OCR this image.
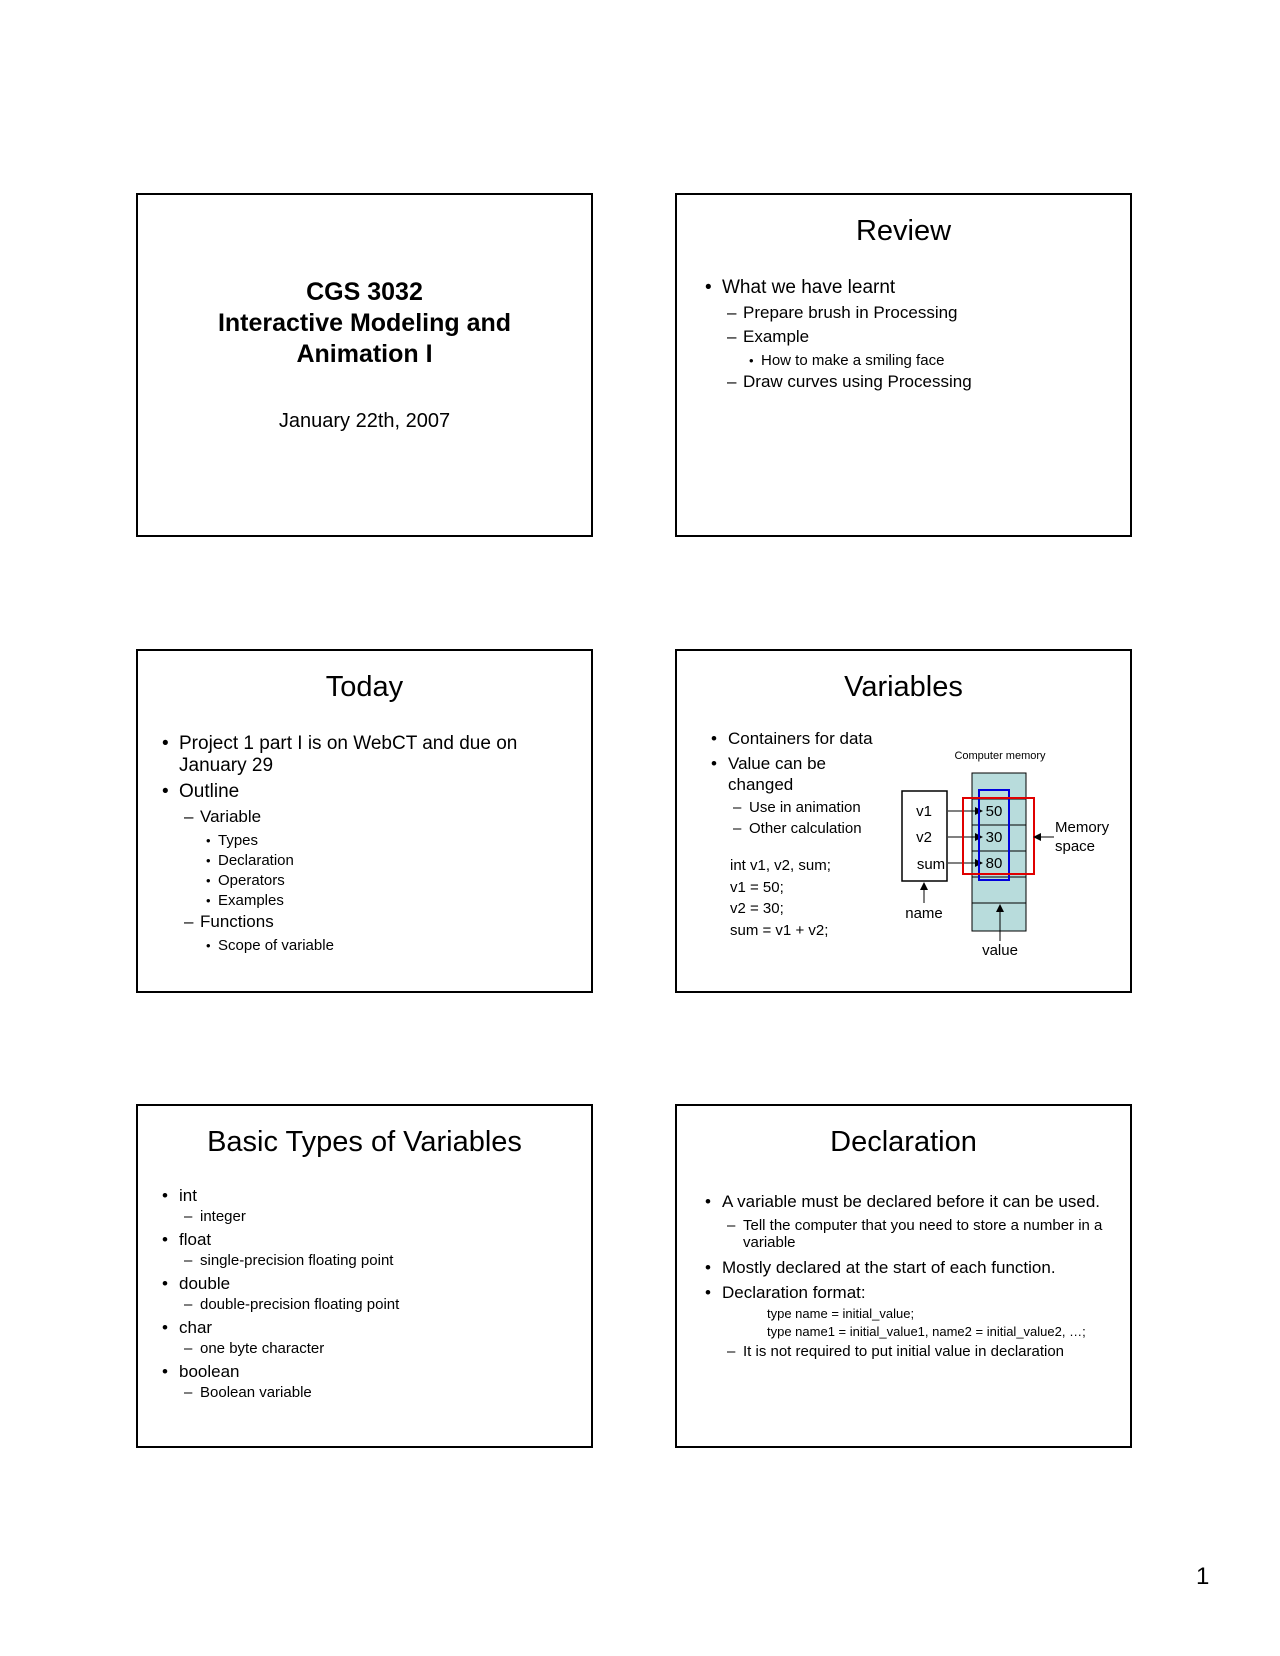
CGS 3032
Interactive Modeling and
Animation I
January 22th, 2007
Review
• What we have learnt
– Prepare brush in Processing
– Example
• How to make a smiling face
– Draw curves using Processing
Today
• Project 1 part I is on WebCT and due on January 29
• Outline
– Variable
• Types
• Declaration
• Operators
• Examples
– Functions
• Scope of variable
Variables
• Containers for data
• Value can be changed
– Use in animation
– Other calculation
int v1, v2, sum;
v1 = 50;
v2 = 30;
sum = v1 + v2;
Computer memory
v1
v2
sum
50
30
80
Memory
space
name
value
Basic Types of Variables
• int
– integer
• float
– single-precision floating point
• double
– double-precision floating point
• char
– one byte character
• boolean
– Boolean variable
Declaration
• A variable must be declared before it can be used.
– Tell the computer that you need to store a number in a variable
• Mostly declared at the start of each function.
• Declaration format:
type name = initial_value;
type name1 = initial_value1, name2 = initial_value2, …;
– It is not required to put initial value in declaration
1
